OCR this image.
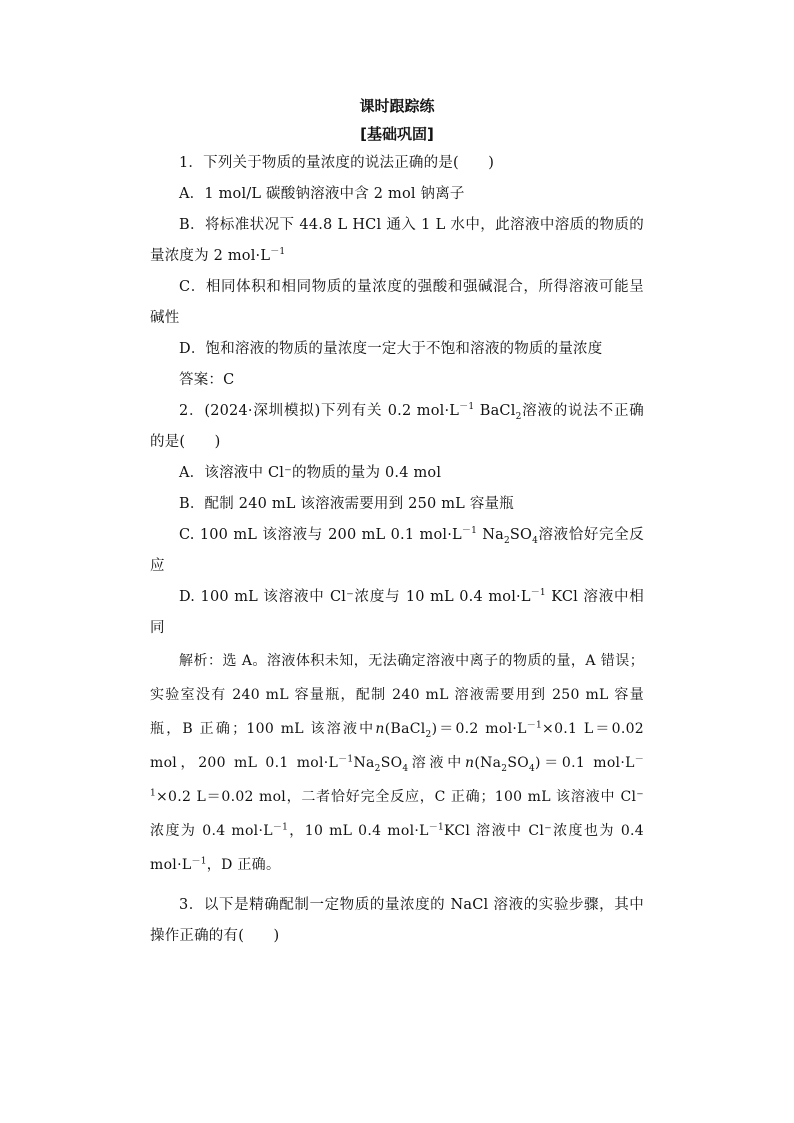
课时跟踪练

[基础巩固]

1．下列关于物质的量浓度的说法正确的是(　　)

A．1 mol/L 碳酸钠溶液中含 2 mol 钠离子

B．将标准状况下 44.8 L HCl 通入 1 L 水中，此溶液中溶质的物质的量浓度为 2 $mol\cdot L^{-1}$

C．相同体积和相同物质的量浓度的强酸和强碱混合，所得溶液可能呈碱性

D．饱和溶液的物质的量浓度一定大于不饱和溶液的物质的量浓度

答案：C

2．(2024·深圳模拟)下列有关 0.2 $mol\cdot L^{-1}$ BaCl$_2$溶液的说法不正确的是(　　)

A．该溶液中 Cl⁻的物质的量为 0.4 mol

B．配制 240 mL 该溶液需要用到 250 mL 容量瓶

C. 100 mL 该溶液与 200 mL 0.1 $mol\cdot L^{-1}$ $Na_2SO_4$溶液恰好完全反应

D. 100 mL 该溶液中 Cl⁻浓度与 10 mL 0.4 $mol\cdot L^{-1}$ KCl 溶液中相同

解析：选 A。溶液体积未知，无法确定溶液中离子的物质的量，A 错误；实验室没有 240 mL 容量瓶，配制 240 mL 溶液需要用到 250 mL 容量瓶，B 正确；100 mL 该溶液中n(BaCl$_2$)＝0.2 $mol\cdot L^{-1}\times 0.1$ L＝0.02 mol，200 mL 0.1 $mol\cdot L^{-1}Na_2SO_4$溶液中$n(Na_2SO_4)=0.1$ $mol\cdot L^{-1}\times 0.2$ L＝0.02 mol，二者恰好完全反应，C 正确；100 mL 该溶液中 Cl⁻浓度为 0.4 $mol\cdot L^{-1}$，10 mL 0.4 $mol\cdot L^{-1}KCl$ 溶液中 Cl⁻浓度也为 0.4 $mol\cdot L^{-1}$，D 正确。

3．以下是精确配制一定物质的量浓度的 NaCl 溶液的实验步骤，其中操作正确的有(　　)
